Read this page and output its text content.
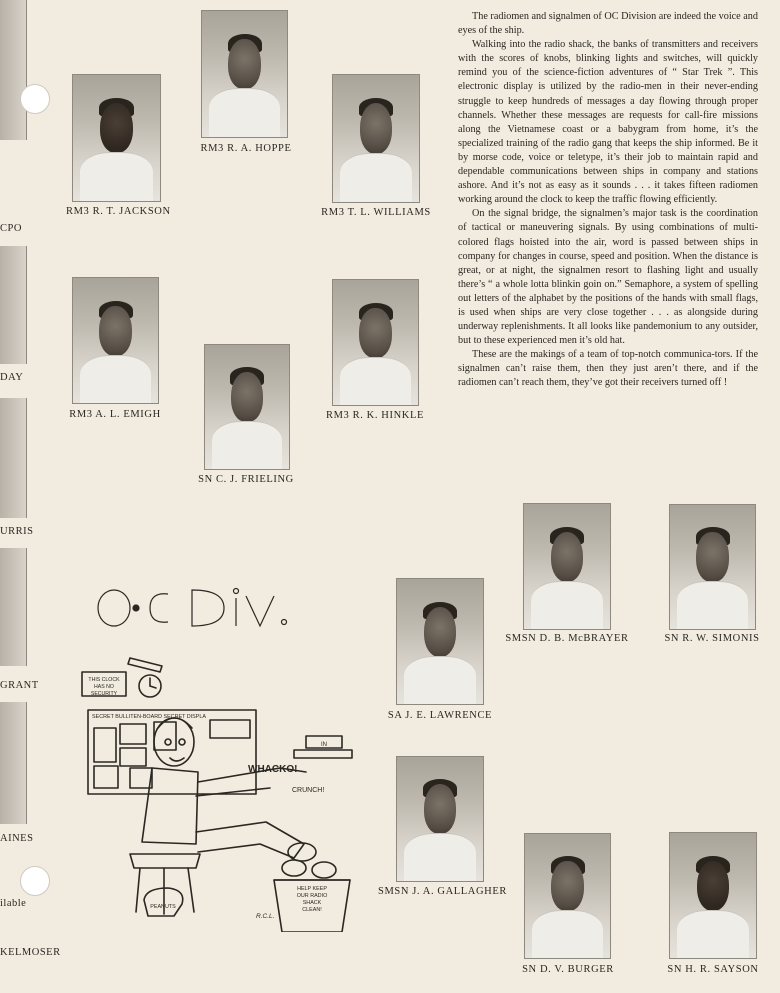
CPO
DAY
URRIS
GRANT
AINES
ilable
KELMOSER
RM3 R. T. JACKSON
RM3 R. A. HOPPE
RM3 T. L. WILLIAMS
RM3 A. L. EMIGH
SN C. J. FRIELING
RM3 R. K. HINKLE
SMSN D. B. McBRAYER	SN R. W. SIMONIS
SA J. E. LAWRENCE
SMSN J. A. GALLAGHER
SN D. V. BURGER	SN H. R. SAYSON

The radiomen and signalmen of OC Division are indeed the voice and eyes of the ship.

Walking into the radio shack, the banks of transmitters and receivers with the scores of knobs, blinking lights and switches, will quickly remind you of the science-fiction adventures of “ Star Trek ”. This electronic display is utilized by the radio-men in their never-ending struggle to keep hundreds of messages a day flowing through proper channels. Whether these messages are requests for call-fire missions along the Vietnamese coast or a babygram from home, it’s the specialized training of the radio gang that keeps the ship informed. Be it by morse code, voice or teletype, it’s their job to maintain rapid and dependable communications between ships in company and stations ashore. And it’s not as easy as it sounds . . . it takes fifteen radiomen working around the clock to keep the traffic flowing efficiently.

On the signal bridge, the signalmen’s major task is the coordination of tactical or maneuvering signals. By using combinations of multi-colored flags hoisted into the air, word is passed between ships in company for changes in course, speed and position. When the distance is great, or at night, the signalmen resort to flashing light and usually there’s “ a whole lotta blinkin goin on.” Semaphore, a system of spelling out letters of the alphabet by the positions of the hands with small flags, is used when ships are very close together . . . as alongside during underway replenishments. It all looks like pandemonium to any outsider, but to these experienced men it’s old hat.

These are the makings of a team of top-notch communica-tors. If the signalmen can’t raise them, then they just aren’t there, and if the radiomen can’t reach them, they’ve got their receivers turned off !

THIS CLOCK
HAS NO
SECURITY
SECRET BULLITEN-BOARD SECRET DISPLA
WHACKO!
CRUNCH!
IN
HELP KEEP
OUR RADIO
SHACK
CLEAN!
PEANUTS
R.C.L.
